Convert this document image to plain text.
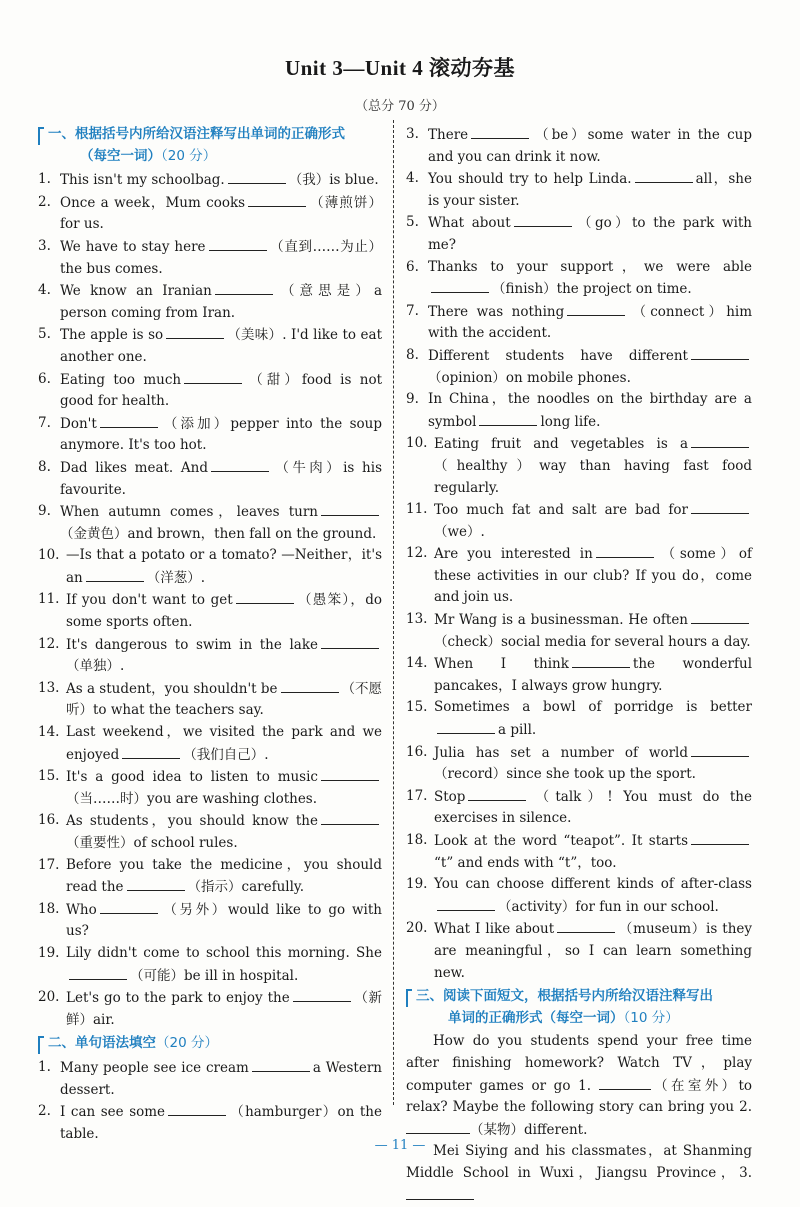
Unit 3—Unit 4 滚动夯基
（总分 70 分）
一、根据括号内所给汉语注释写出单词的正确形式
（每空一词）（20 分）
1. This isn't my schoolbag.	（我）is blue.
2. Once a week，Mum cooks	（薄煎饼）for us.
3. We have to stay here	（直到……为止）the bus comes.
4. We know an Iranian	（意思是）a person coming from Iran.
5. The apple is so	（美味）. I'd like to eat another one.
6. Eating too much	（甜）food is not good for health.
7. Don't	（添加）pepper into the soup anymore. It's too hot.
8. Dad likes meat. And	（牛肉）is his favourite.
9. When autumn comes，leaves turn（金黄色）and brown，then fall on the ground.
10. —Is that a potato or a tomato? —Neither，it's an	（洋葱）.
11. If you don't want to get	（愚笨），do some sports often.
12. It's dangerous to swim in the lake（单独）.
13. As a student，you shouldn't be	（不愿听）to what the teachers say.
14. Last weekend，we visited the park and we enjoyed	（我们自己）.
15. It's a good idea to listen to music（当……时）you are washing clothes.
16. As students，you should know the（重要性）of school rules.
17. Before you take the medicine，you should read the	（指示）carefully.
18. Who	（另外）would like to go with us?
19. Lily didn't come to school this morning. She（可能）be ill in hospital.
20. Let's go to the park to enjoy the	（新鲜）air.
二、单句语法填空（20 分）
1. Many people see ice cream	a Western dessert.
2. I can see some	（hamburger）on the table.
3. There	（be）some water in the cup and you can drink it now.
4. You should try to help Linda.	all，she is your sister.
5. What about	（go）to the park with me?
6. Thanks to your support，we were able（finish）the project on time.
7. There was nothing	（connect）him with the accident.
8. Different students have different（opinion）on mobile phones.
9. In China，the noodles on the birthday are a symbol	long life.
10. Eating fruit and vegetables is a（healthy）way than having fast food regularly.
11. Too much fat and salt are bad for（we）.
12. Are you interested in	（some）of these activities in our club? If you do，come and join us.
13. Mr Wang is a businessman. He often（check）social media for several hours a day.
14. When I think	the wonderful pancakes，I always grow hungry.
15. Sometimes a bowl of porridge is bettera pill.
16. Julia has set a number of world（record）since she took up the sport.
17. Stop	（talk）! You must do the exercises in silence.
18. Look at the word “teapot”. It starts“t” and ends with “t”，too.
19. You can choose different kinds of after-class（activity）for fun in our school.
20. What I like about	（museum）is they are meaningful，so I can learn something new.
三、阅读下面短文，根据括号内所给汉语注释写出
单词的正确形式（每空一词）（10 分）
How do you students spend your free time after finishing homework? Watch TV，play computer games or go 1.	（在室外）to relax? Maybe the following story can bring you 2. （某物）different.
Mei Siying and his classmates，at Shanming Middle School in Wuxi，Jiangsu Province，3.
— 11 —
